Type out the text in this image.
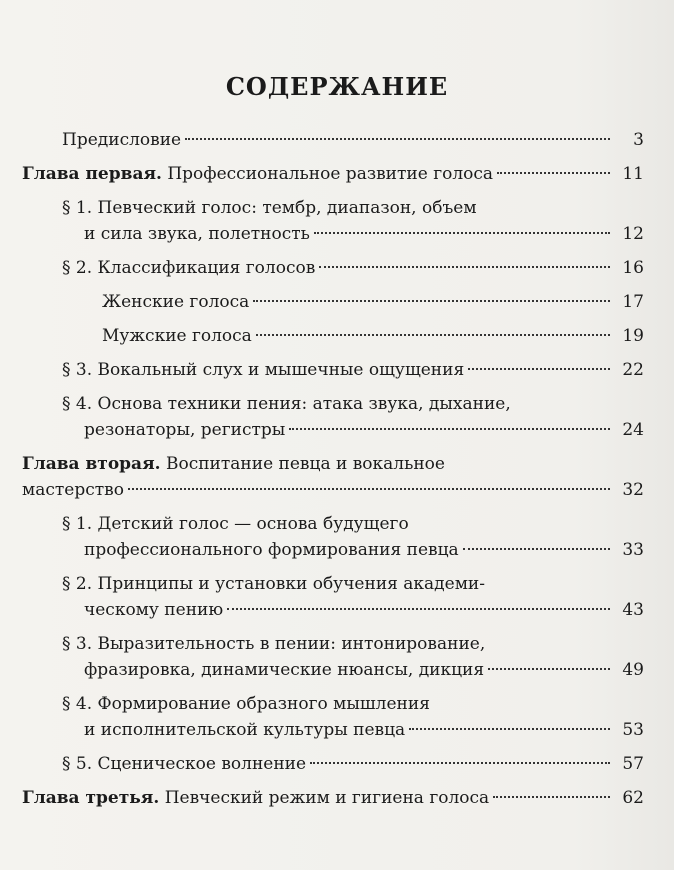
СОДЕРЖАНИЕ
Предисловие	3
Глава первая. Профессиональное развитие голоса	11
§ 1. Певческий голос: тембр, диапазон, объем
и сила звука, полетность	12
§ 2. Классификация голосов	16
Женские голоса	17
Мужские голоса	19
§ 3. Вокальный слух и мышечные ощущения	22
§ 4. Основа техники пения: атака звука, дыхание,
резонаторы, регистры	24
Глава вторая. Воспитание певца и вокальное
мастерство	32
§ 1. Детский голос — основа будущего
профессионального формирования певца	33
§ 2. Принципы и установки обучения академи-
ческому пению	43
§ 3. Выразительность в пении: интонирование,
фразировка, динамические нюансы, дикция	49
§ 4. Формирование образного мышления
и исполнительской культуры певца	53
§ 5. Сценическое волнение	57
Глава третья. Певческий режим и гигиена голоса	62
